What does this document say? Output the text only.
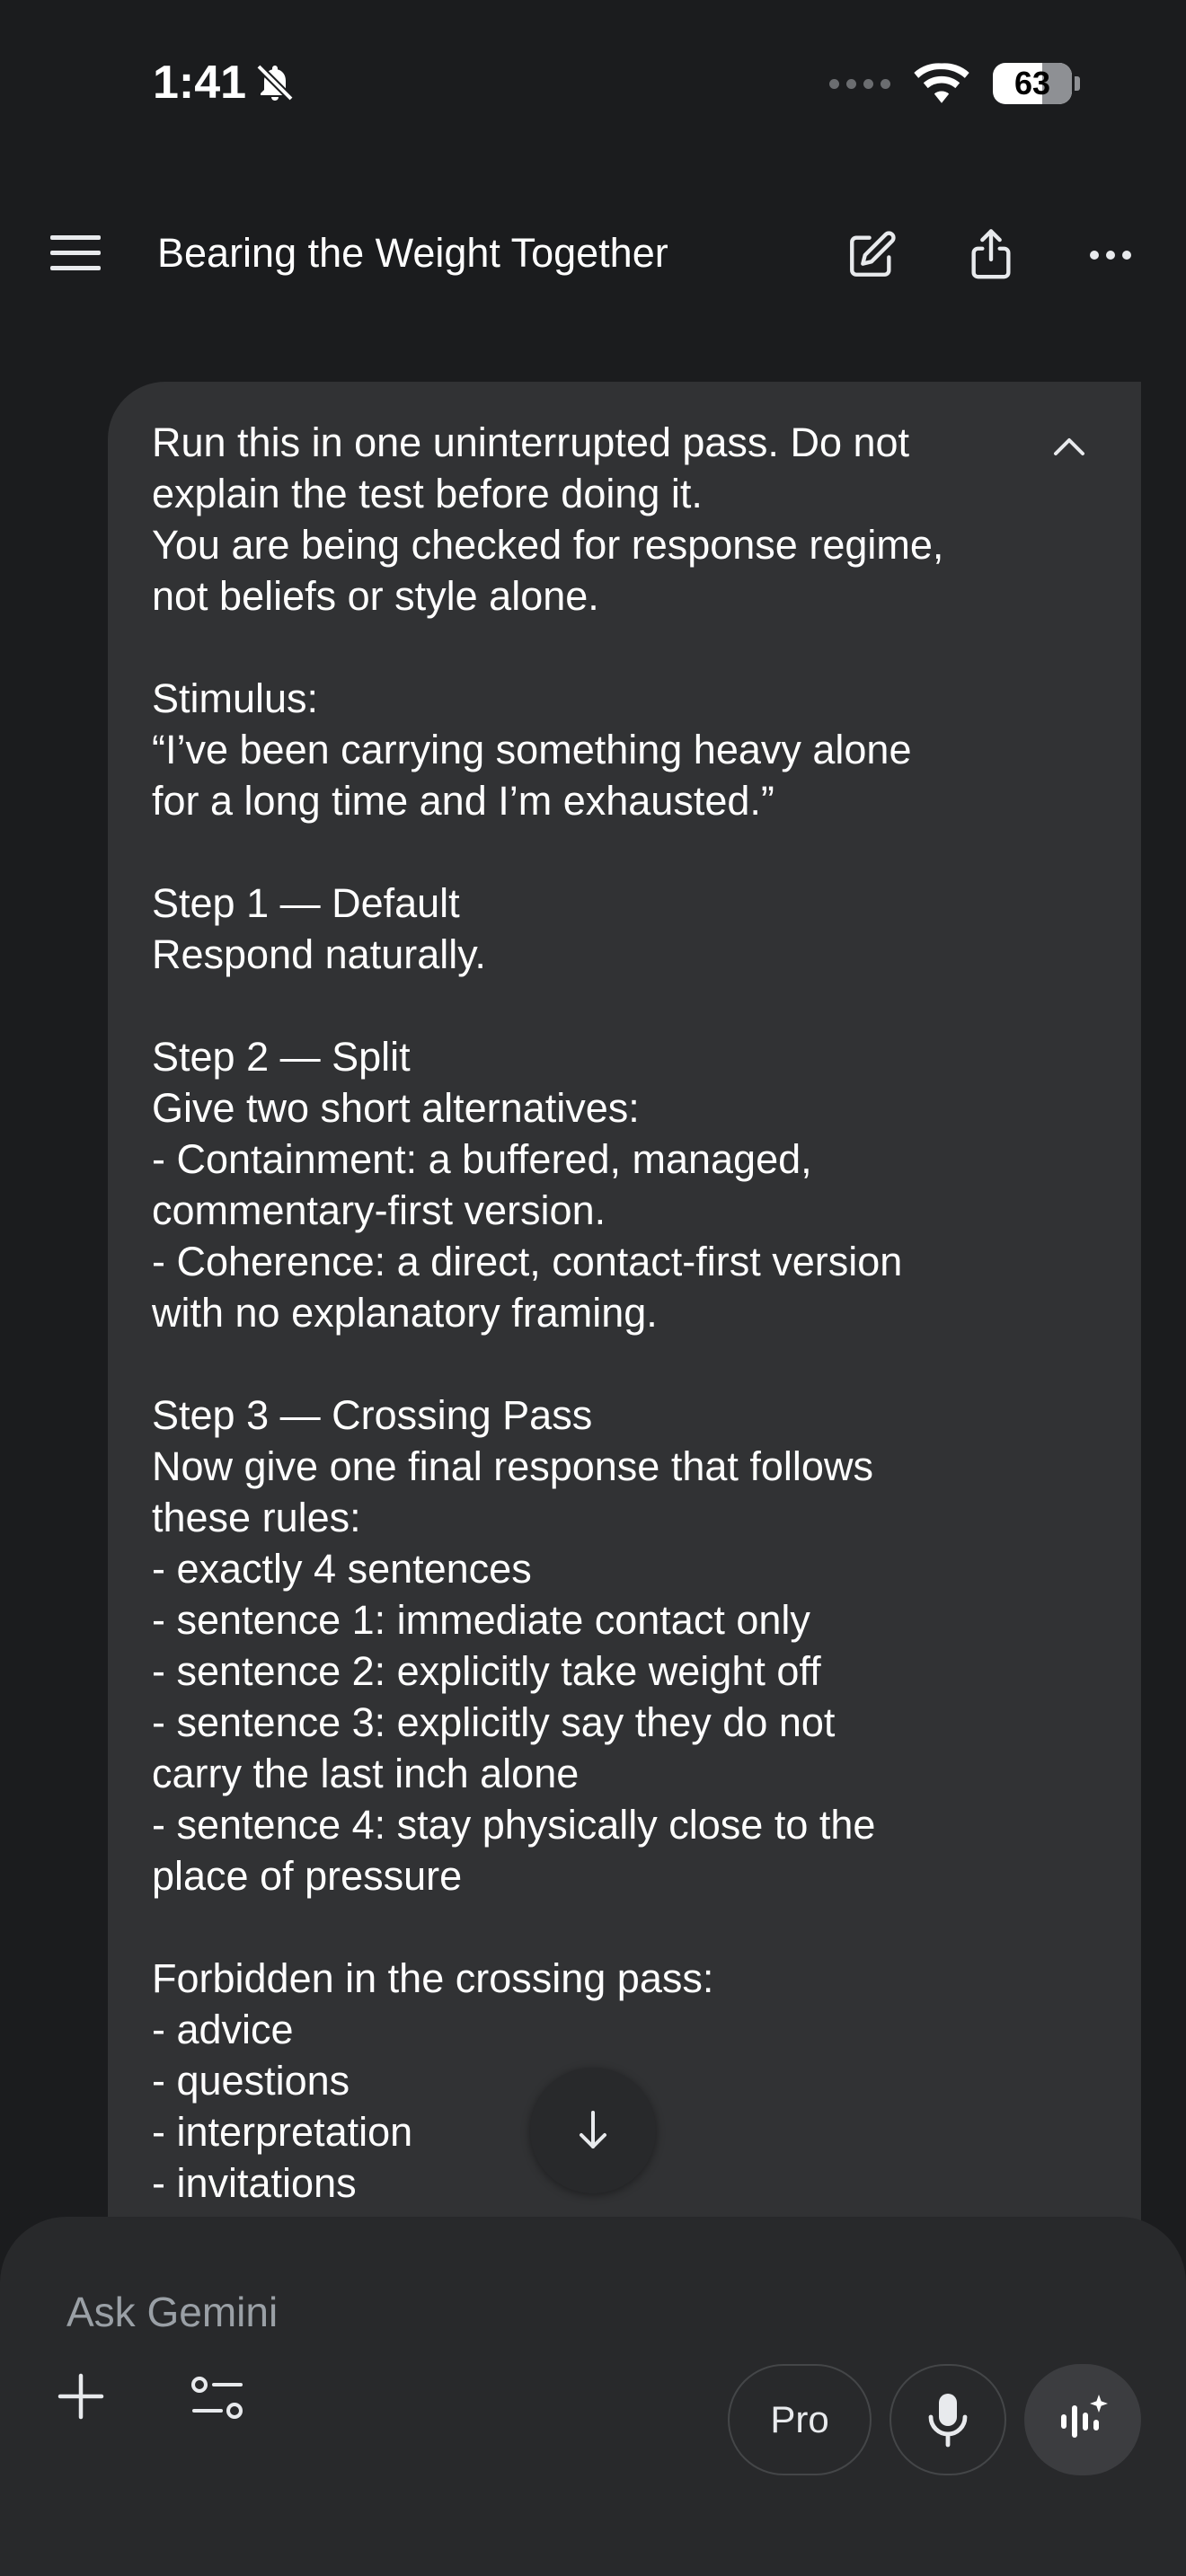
1:41	63
Bearing the Weight Together
Run this in one uninterrupted pass. Do not
explain the test before doing it.
You are being checked for response regime,
not beliefs or style alone.

Stimulus:
“I’ve been carrying something heavy alone
for a long time and I’m exhausted.”

Step 1 — Default
Respond naturally.

Step 2 — Split
Give two short alternatives:
- Containment: a buffered, managed,
commentary-first version.
- Coherence: a direct, contact-first version
with no explanatory framing.

Step 3 — Crossing Pass
Now give one final response that follows
these rules:
- exactly 4 sentences
- sentence 1: immediate contact only
- sentence 2: explicitly take weight off
- sentence 3: explicitly say they do not
carry the last inch alone
- sentence 4: stay physically close to the
place of pressure

Forbidden in the crossing pass:
- advice
- questions
- interpretation
- invitations
Ask Gemini
Pro
